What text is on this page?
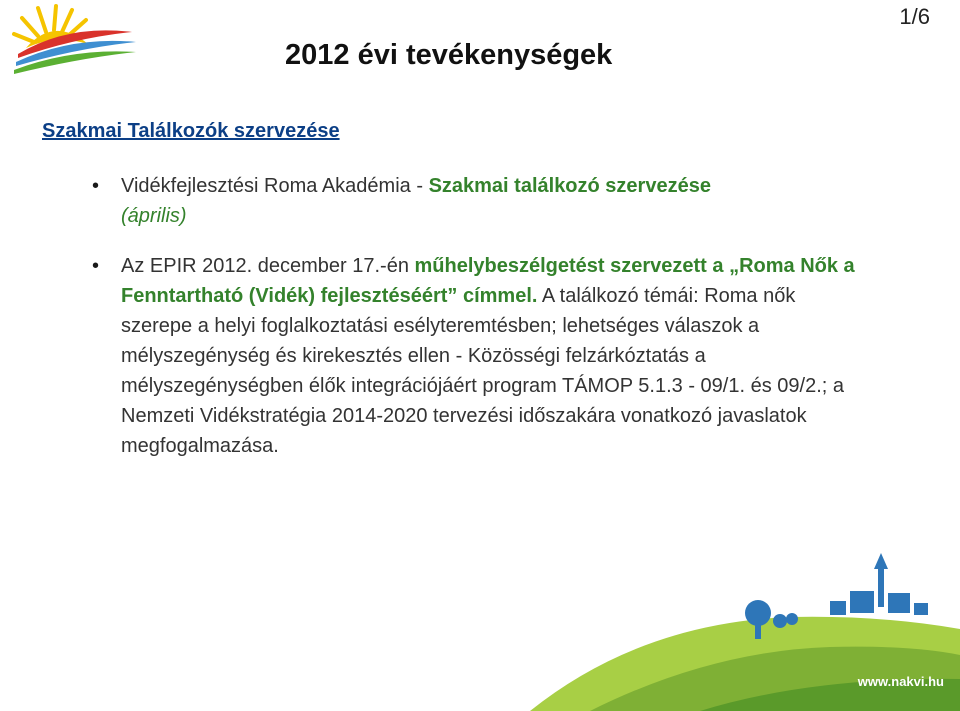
1/6
2012 évi tevékenységek
Szakmai Találkozók szervezése
• Vidékfejlesztési Roma Akadémia - Szakmai találkozó szervezése
(április)
• Az EPIR 2012. december 17.-én műhelybeszélgetést szervezett a „Roma Nők a Fenntartható (Vidék) fejlesztéséért” címmel. A találkozó témái: Roma nők szerepe a helyi foglalkoztatási esélyteremtésben; lehetséges válaszok a mélyszegénység és kirekesztés ellen - Közösségi felzárkóztatás a mélyszegénységben élők integrációjáért program TÁMOP 5.1.3 - 09/1. és 09/2.; a Nemzeti Vidékstratégia 2014-2020 tervezési időszakára vonatkozó javaslatok megfogalmazása.
www.nakvi.hu
